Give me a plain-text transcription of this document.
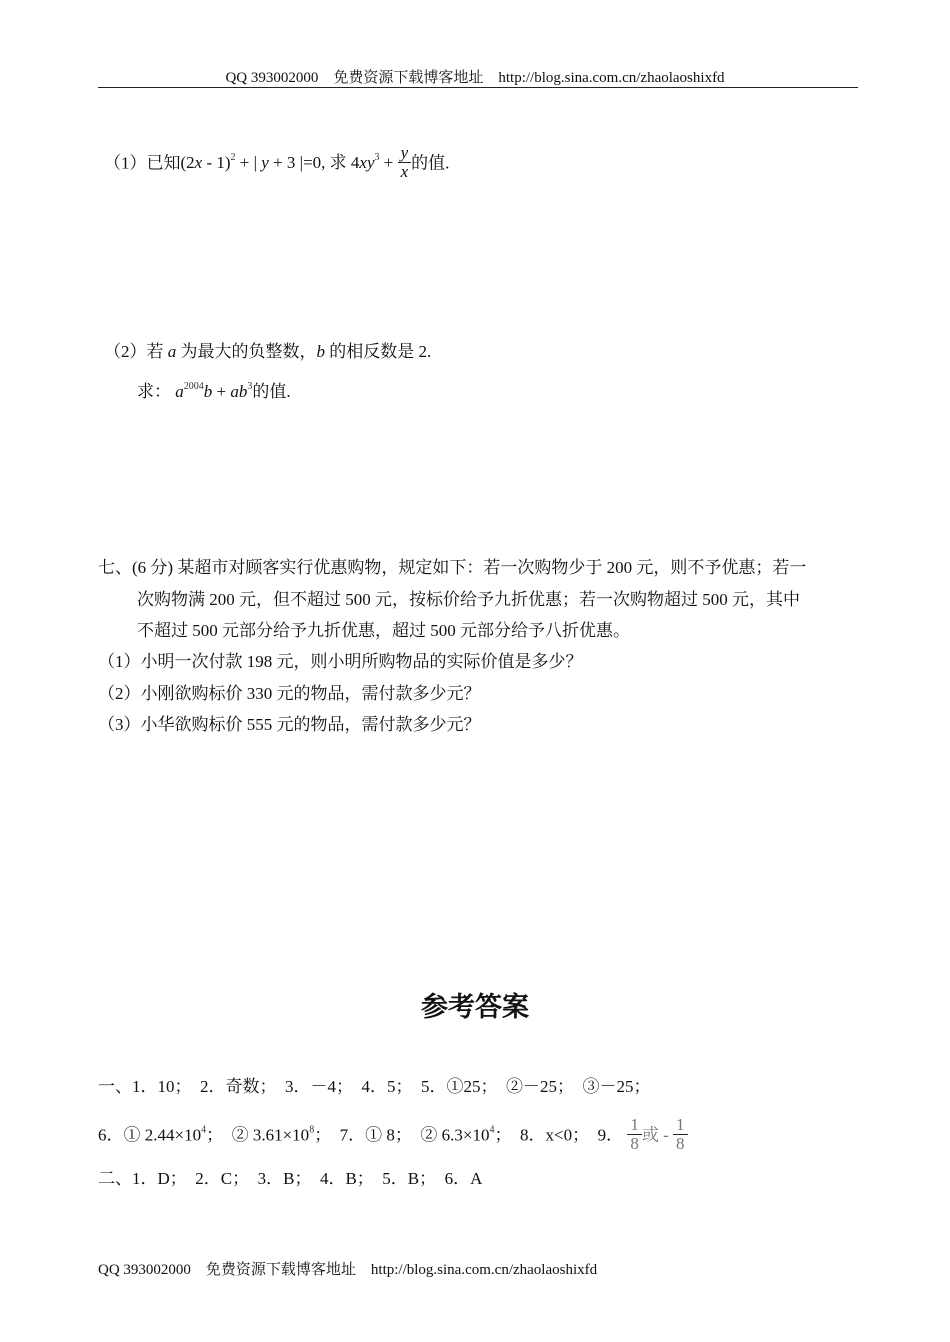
QQ 393002000　免费资源下载博客地址　http://blog.sina.com.cn/zhaolaoshixfd
（1）已知(2x - 1)$^2$ + | y + 3 |=0, 求 $4xy^3 + \frac{y}{x}$ 的值.
（2）若 a 为最大的负整数，b 的相反数是 2.
求： $a^{2004}b + ab^3$的值.
七、(6 分) 某超市对顾客实行优惠购物，规定如下：若一次购物少于 200 元，则不予优惠；若一
次购物满 200 元，但不超过 500 元，按标价给予九折优惠；若一次购物超过 500 元，其中
不超过 500 元部分给予九折优惠，超过 500 元部分给予八折优惠。
（1）小明一次付款 198 元，则小明所购物品的实际价值是多少？
（2）小刚欲购标价 330 元的物品，需付款多少元？
（3）小华欲购标价 555 元的物品，需付款多少元？
参考答案
一、1．10；　2．奇数；　3．－4；　4．5；　5．①25；　②－25；　③－25；
6．① $2.44\times 10^4$；　② $3.61\times 10^8$；　7．① 8；　② $6.3\times 10^4$；　8．x<0；　9． $\frac{1}{8}$ 或 - $\frac{1}{8}$
二、1．D；　2．C；　3．B；　4．B；　5．B；　6．A
QQ 393002000　免费资源下载博客地址　http://blog.sina.com.cn/zhaolaoshixfd
